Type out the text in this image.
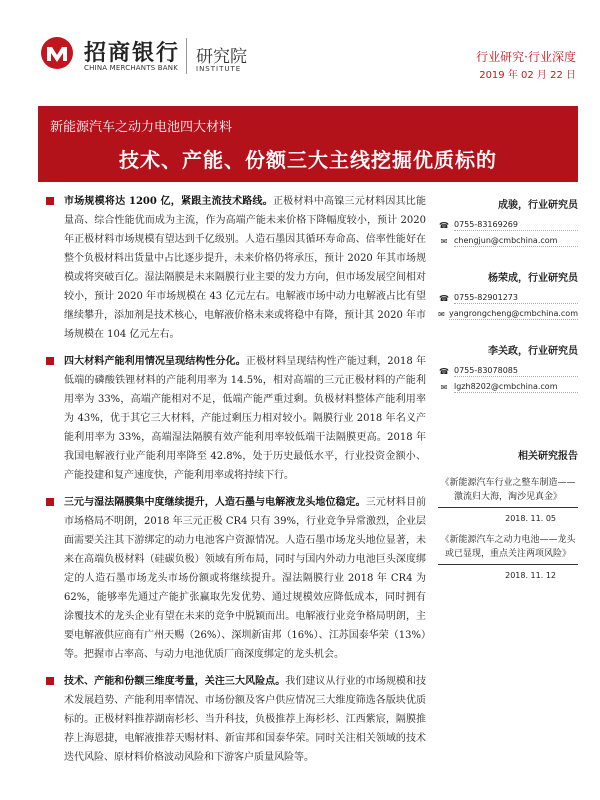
招商银行
CHINA MERCHANTS BANK
研究院
INSTITUTE
行业研究·行业深度
2019 年 02 月 22 日
新能源汽车之动力电池四大材料
技术、产能、份额三大主线挖掘优质标的
市场规模将达 1200 亿，紧跟主流技术路线。正极材料中高镍三元材料因其比能量高、综合性能优而成为主流，作为高端产能未来价格下降幅度较小，预计 2020 年正极材料市场规模有望达到千亿级别。人造石墨因其循环寿命高、倍率性能好在整个负极材料出货量中占比逐步提升，未来价格仍将承压，预计 2020 年其市场规模或将突破百亿。湿法隔膜是未来隔膜行业主要的发力方向，但市场发展空间相对较小，预计 2020 年市场规模在 43 亿元左右。电解液市场中动力电解液占比有望继续攀升，添加剂是技术核心，电解液价格未来或将稳中有降，预计其 2020 年市场规模在 104 亿元左右。
四大材料产能利用情况呈现结构性分化。正极材料呈现结构性产能过剩，2018 年低端的磷酸铁锂材料的产能利用率为 14.5%，相对高端的三元正极材料的产能利用率为 33%，高端产能相对不足，低端产能严重过剩。负极材料整体产能利用率为 43%，优于其它三大材料，产能过剩压力相对较小。隔膜行业 2018 年名义产能利用率为 33%，高端湿法隔膜有效产能利用率较低端干法隔膜更高。2018 年我国电解液行业产能利用率降至 42.8%，处于历史最低水平，行业投资金额小、产能投建和复产速度快，产能利用率或将持续下行。
三元与湿法隔膜集中度继续提升，人造石墨与电解液龙头地位稳定。三元材料目前市场格局不明朗，2018 年三元正极 CR4 只有 39%，行业竞争异常激烈，企业层面需要关注其下游绑定的动力电池客户资源情况。人造石墨市场龙头地位显著，未来在高端负极材料（硅碳负极）领域有所布局，同时与国内外动力电池巨头深度绑定的人造石墨市场龙头市场份额或将继续提升。湿法隔膜行业 2018 年 CR4 为 62%，能够率先通过产能扩张赢取先发优势、通过规模效应降低成本，同时拥有涂覆技术的龙头企业有望在未来的竞争中脱颖而出。电解液行业竞争格局明朗，主要电解液供应商有广州天赐（26%）、深圳新宙邦（16%）、江苏国泰华荣（13%）等。把握市占率高、与动力电池优质厂商深度绑定的龙头机会。
技术、产能和份额三维度考量，关注三大风险点。我们建议从行业的市场规模和技术发展趋势、产能利用率情况、市场份额及客户供应情况三大维度筛选各版块优质标的。正极材料推荐湖南杉杉、当升科技，负极推荐上海杉杉、江西紫宸，隔膜推荐上海恩捷，电解液推荐天赐材料、新宙邦和国泰华荣。同时关注相关领域的技术迭代风险、原材料价格波动风险和下游客户质量风险等。
成骏，行业研究员
☎ 0755-83169269
✉ chengjun@cmbchina.com
杨荣成，行业研究员
☎ 0755-82901273
✉ yangrongcheng@cmbchina.com
李关政，行业研究员
☎ 0755-83078085
✉ lgzh8202@cmbchina.com
相关研究报告
《新能源汽车行业之整车制造——激流归大海，淘沙见真金》
2018. 11. 05
《新能源汽车之动力电池——龙头或已显现，重点关注两项风险》
2018. 11. 12
